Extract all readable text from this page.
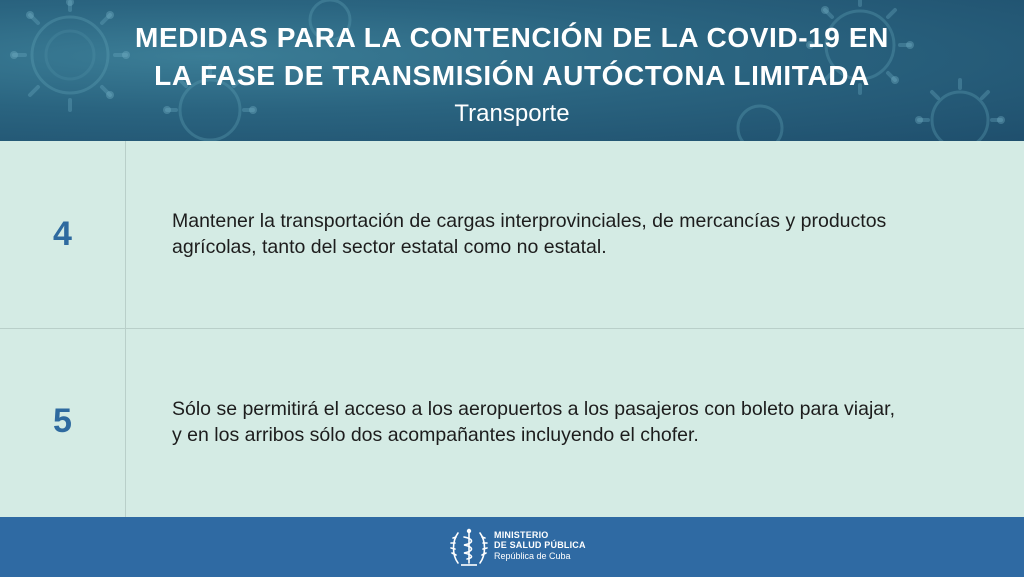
MEDIDAS PARA LA CONTENCIÓN DE LA COVID-19 EN
LA FASE DE TRANSMISIÓN AUTÓCTONA LIMITADA
Transporte
4	Mantener la transportación de cargas interprovinciales, de mercancías y productos
agrícolas, tanto del sector estatal como no estatal.
5	Sólo se permitirá el acceso a los aeropuertos a los pasajeros con boleto para viajar,
y en los arribos sólo dos acompañantes incluyendo el chofer.
MINISTERIO
DE SALUD PÚBLICA
República de Cuba
